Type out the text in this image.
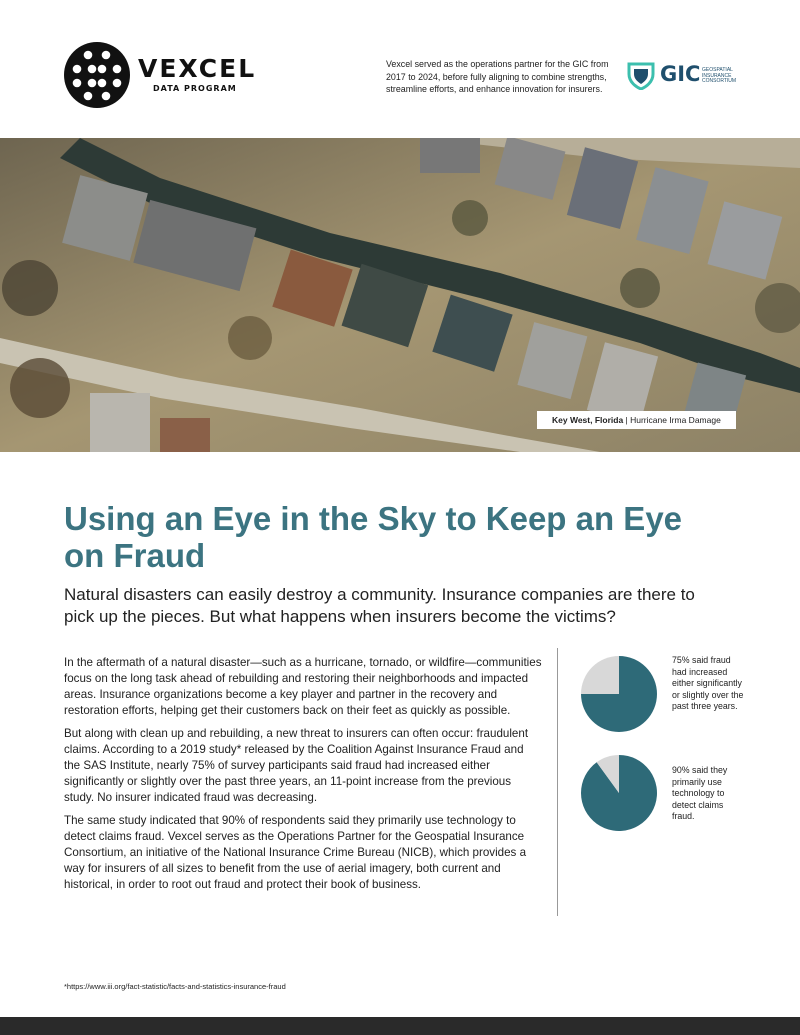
VEXCEL
DATA PROGRAM
Vexcel served as the operations partner for the GIC from 2017 to 2024, before fully aligning to combine strengths, streamline efforts, and enhance innovation for insurers.
GIC GEOSPATIAL
INSURANCE
CONSORTIUM
Key West, Florida | Hurricane Irma Damage
Using an Eye in the Sky to Keep an Eye on Fraud
Natural disasters can easily destroy a community. Insurance companies are there to pick up the pieces. But what happens when insurers become the victims?

In the aftermath of a natural disaster—such as a hurricane, tornado, or wildfire—communities focus on the long task ahead of rebuilding and restoring their neighborhoods and impacted areas. Insurance organizations become a key player and partner in the recovery and restoration efforts, helping get their customers back on their feet as quickly as possible.

But along with clean up and rebuilding, a new threat to insurers can often occur: fraudulent claims. According to a 2019 study* released by the Coalition Against Insurance Fraud and the SAS Institute, nearly 75% of survey participants said fraud had increased either significantly or slightly over the past three years, an 11-point increase from the previous study. No insurer indicated fraud was decreasing.

The same study indicated that 90% of respondents said they primarily use technology to detect claims fraud. Vexcel serves as the Operations Partner for the Geospatial Insurance Consortium, an initiative of the National Insurance Crime Bureau (NICB), which provides a way for insurers of all sizes to benefit from the use of aerial imagery, both current and historical, in order to root out fraud and protect their book of business.

75% said fraud had increased either significantly or slightly over the past three years.
90% said they primarily use technology to detect claims fraud.
*https://www.iii.org/fact-statistic/facts-and-statistics-insurance-fraud
